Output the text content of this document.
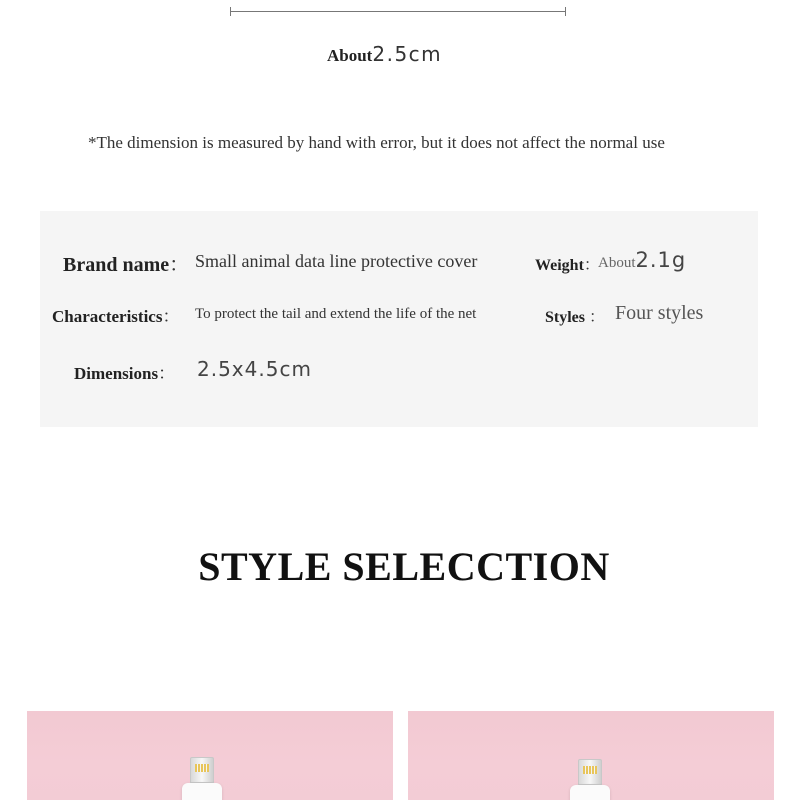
About2.5cm
*The dimension is measured by hand with error, but it does not affect the normal use
Brand name： Small animal data line protective cover	Weight：
About2.1g
Characteristics： To protect the tail and extend the life of the net	Styles ： Four styles
Dimensions： 2.5x4.5cm
STYLE SELECCTION
